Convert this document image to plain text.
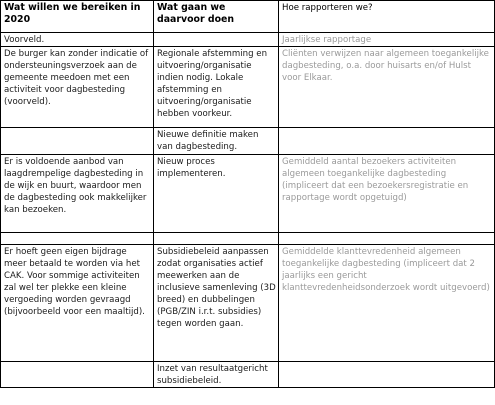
Wat willen we bereiken in 2020	Wat gaan we daarvoor doen	Hoe rapporteren we?
Voorveld.		Jaarlijkse rapportage
De burger kan zonder indicatie of ondersteuningsverzoek aan de gemeente meedoen met een activiteit voor dagbesteding (voorveld).	Regionale afstemming en uitvoering/organisatie indien nodig. Lokale afstemming en uitvoering/organisatie hebben voorkeur.	Cliënten verwijzen naar algemeen toegankelijke dagbesteding, o.a. door huisarts en/of Hulst voor Elkaar.
	Nieuwe definitie maken van dagbesteding.	
Er is voldoende aanbod van laagdrempelige dagbesteding in de wijk en buurt, waardoor men de dagbesteding ook makkelijker kan bezoeken.	Nieuw proces implementeren.	Gemiddeld aantal bezoekers activiteiten algemeen toegankelijke dagbesteding (impliceert dat een bezoekersregistratie en rapportage wordt opgetuigd)

Er hoeft geen eigen bijdrage meer betaald te worden via het CAK. Voor sommige activiteiten zal wel ter plekke een kleine vergoeding worden gevraagd (bijvoorbeeld voor een maaltijd).	Subsidiebeleid aanpassen zodat organisaties actief meewerken aan de inclusieve samenleving (3D breed) en dubbelingen (PGB/ZIN i.r.t. subsidies) tegen worden gaan.	Gemiddelde klanttevredenheid algemeen toegankelijke dagbesteding (impliceert dat 2 jaarlijks een gericht klanttevredenheidsonderzoek wordt uitgevoerd)
	Inzet van resultaatgericht subsidiebeleid.	
